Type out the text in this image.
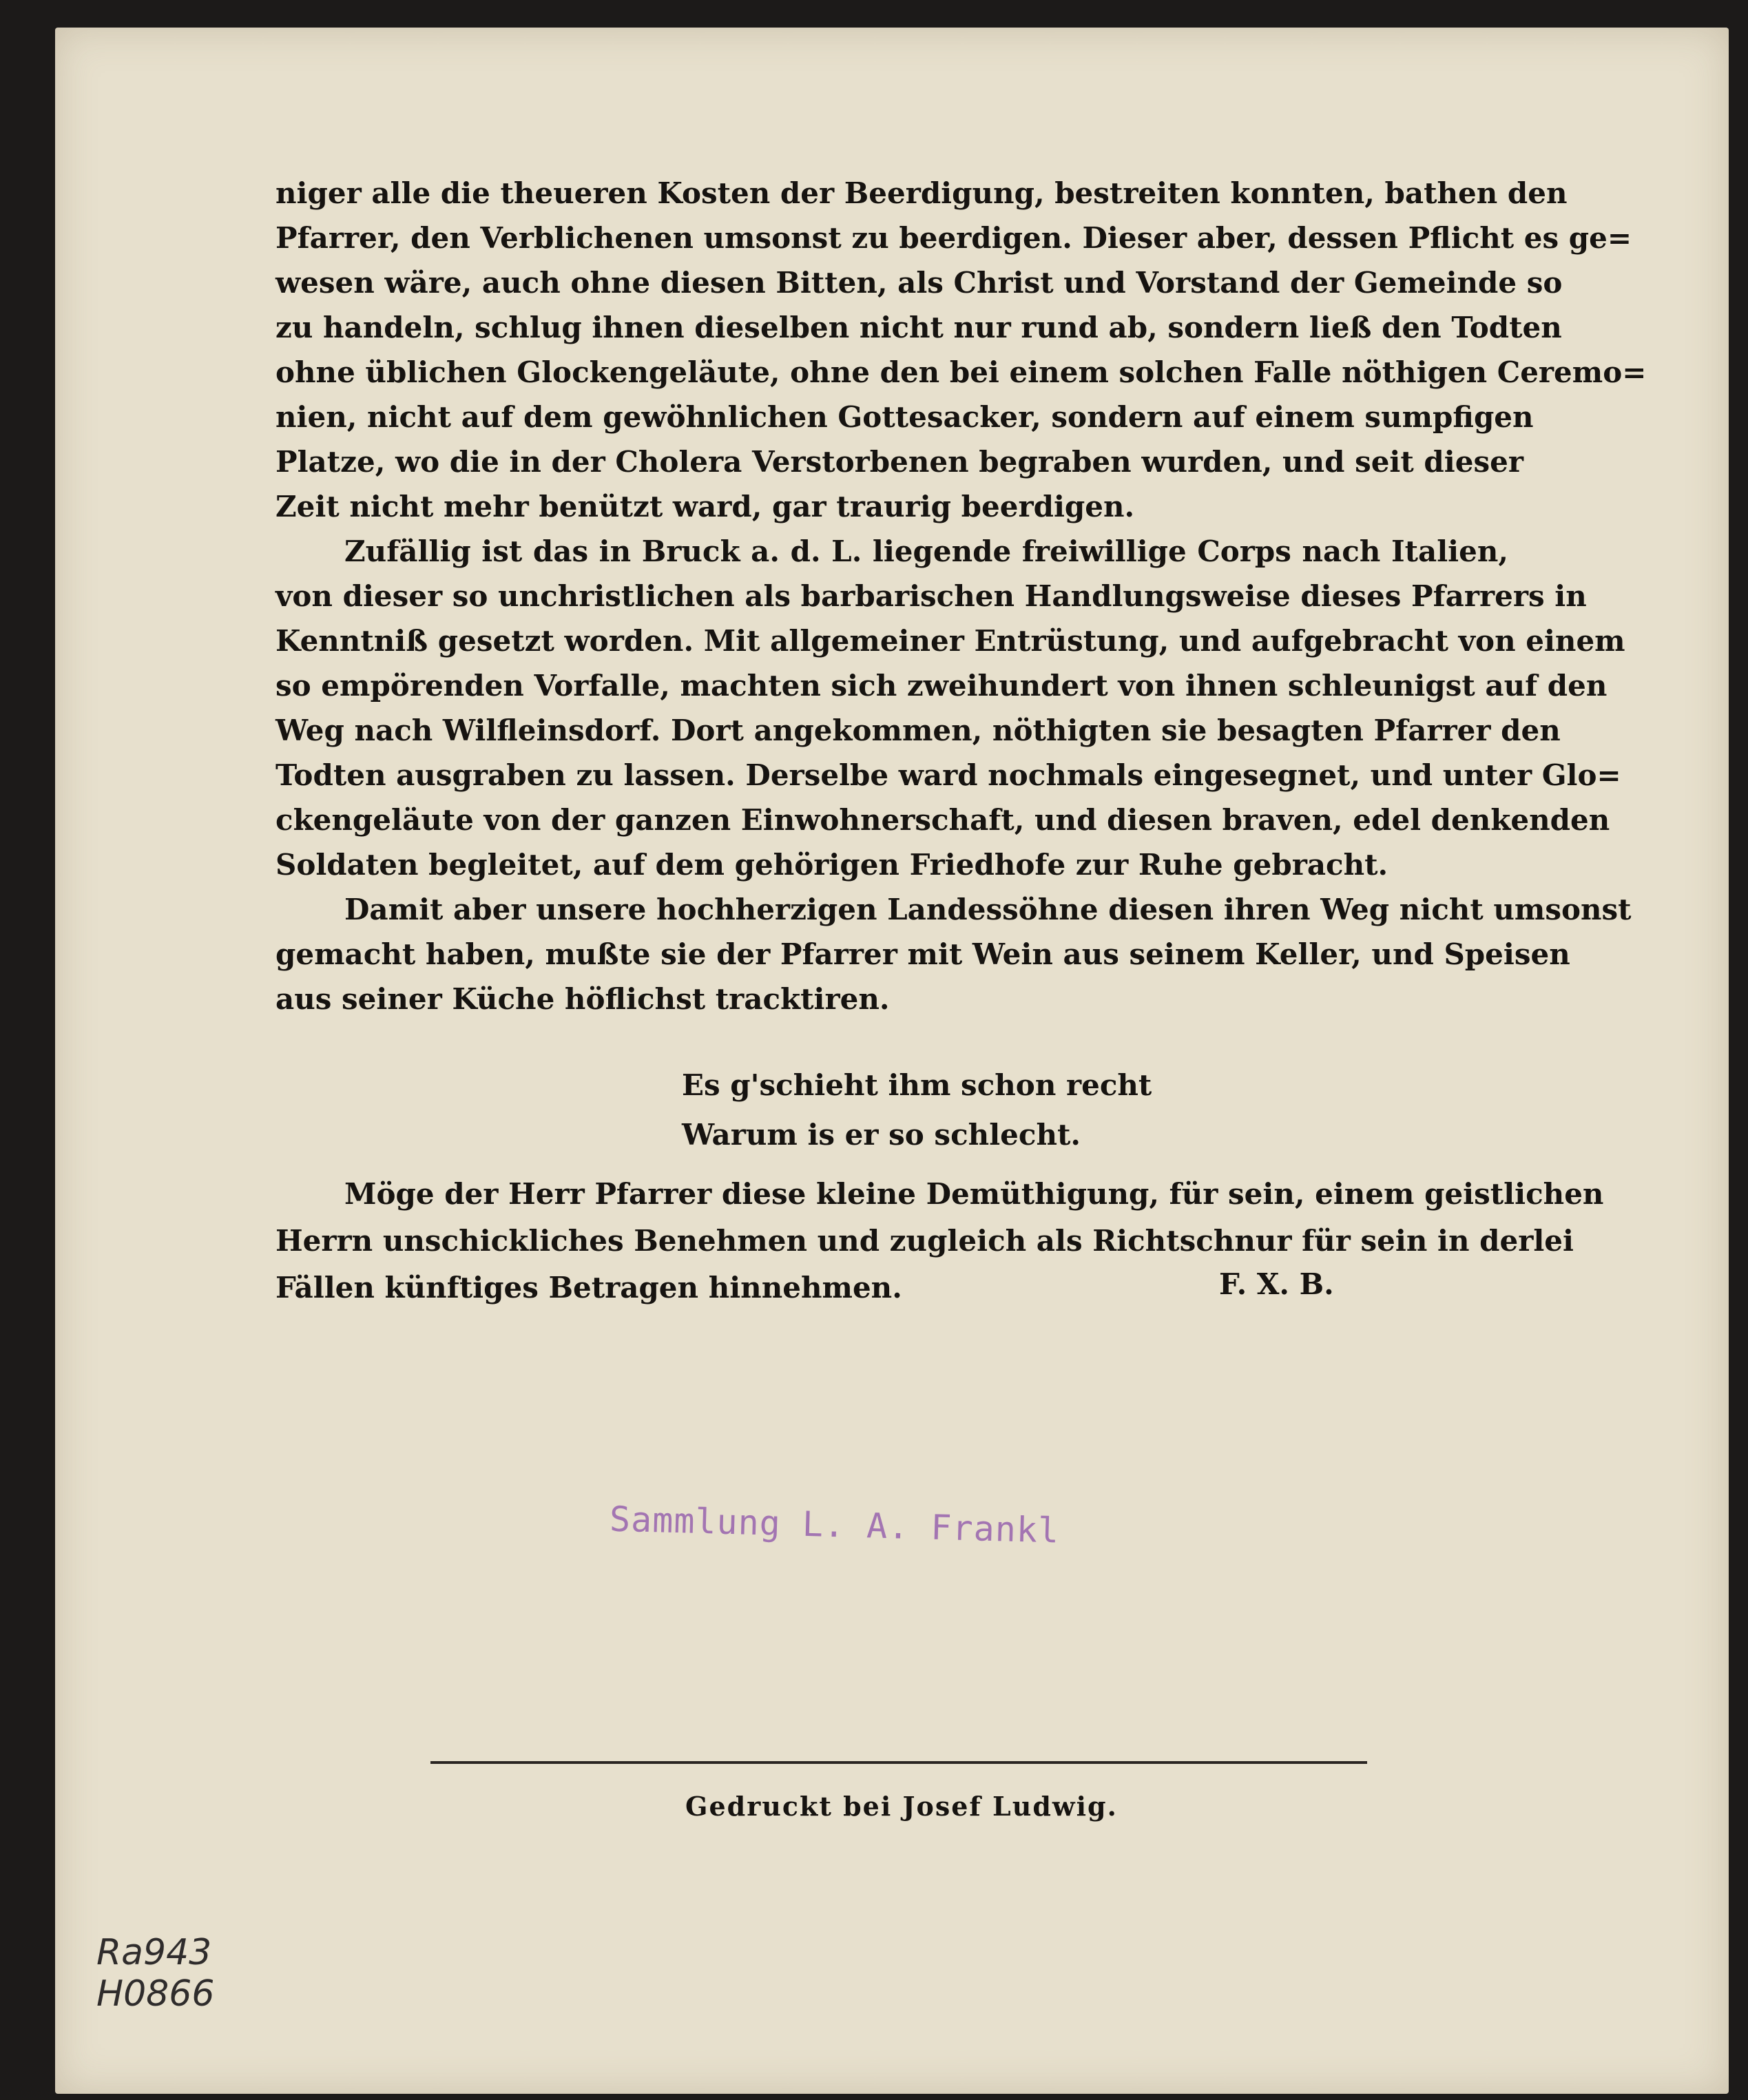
niger alle die theueren Kosten der Beerdigung, bestreiten konnten, bathen den
Pfarrer, den Verblichenen umsonst zu beerdigen. Dieser aber, dessen Pflicht es ge=
wesen wäre, auch ohne diesen Bitten, als Christ und Vorstand der Gemeinde so
zu handeln, schlug ihnen dieselben nicht nur rund ab, sondern ließ den Todten
ohne üblichen Glockengeläute, ohne den bei einem solchen Falle nöthigen Ceremo=
nien, nicht auf dem gewöhnlichen Gottesacker, sondern auf einem sumpfigen
Platze, wo die in der Cholera Verstorbenen begraben wurden, und seit dieser
Zeit nicht mehr benützt ward, gar traurig beerdigen.

Zufällig ist das in Bruck a. d. L. liegende freiwillige Corps nach Italien,
von dieser so unchristlichen als barbarischen Handlungsweise dieses Pfarrers in
Kenntniß gesetzt worden. Mit allgemeiner Entrüstung, und aufgebracht von einem
so empörenden Vorfalle, machten sich zweihundert von ihnen schleunigst auf den
Weg nach Wilfleinsdorf. Dort angekommen, nöthigten sie besagten Pfarrer den
Todten ausgraben zu lassen. Derselbe ward nochmals eingesegnet, und unter Glo=
ckengeläute von der ganzen Einwohnerschaft, und diesen braven, edel denkenden
Soldaten begleitet, auf dem gehörigen Friedhofe zur Ruhe gebracht.

Damit aber unsere hochherzigen Landessöhne diesen ihren Weg nicht umsonst
gemacht haben, mußte sie der Pfarrer mit Wein aus seinem Keller, und Speisen
aus seiner Küche höflichst tracktiren.

Es g'schieht ihm schon recht
Warum is er so schlecht.
Möge der Herr Pfarrer diese kleine Demüthigung, für sein, einem geistlichen
Herrn unschickliches Benehmen und zugleich als Richtschnur für sein in derlei
Fällen künftiges Betragen hinnehmen.	F. X. B.
Sammlung L. A. Frankl
Gedruckt bei Josef Ludwig.
Ra943
H0866
